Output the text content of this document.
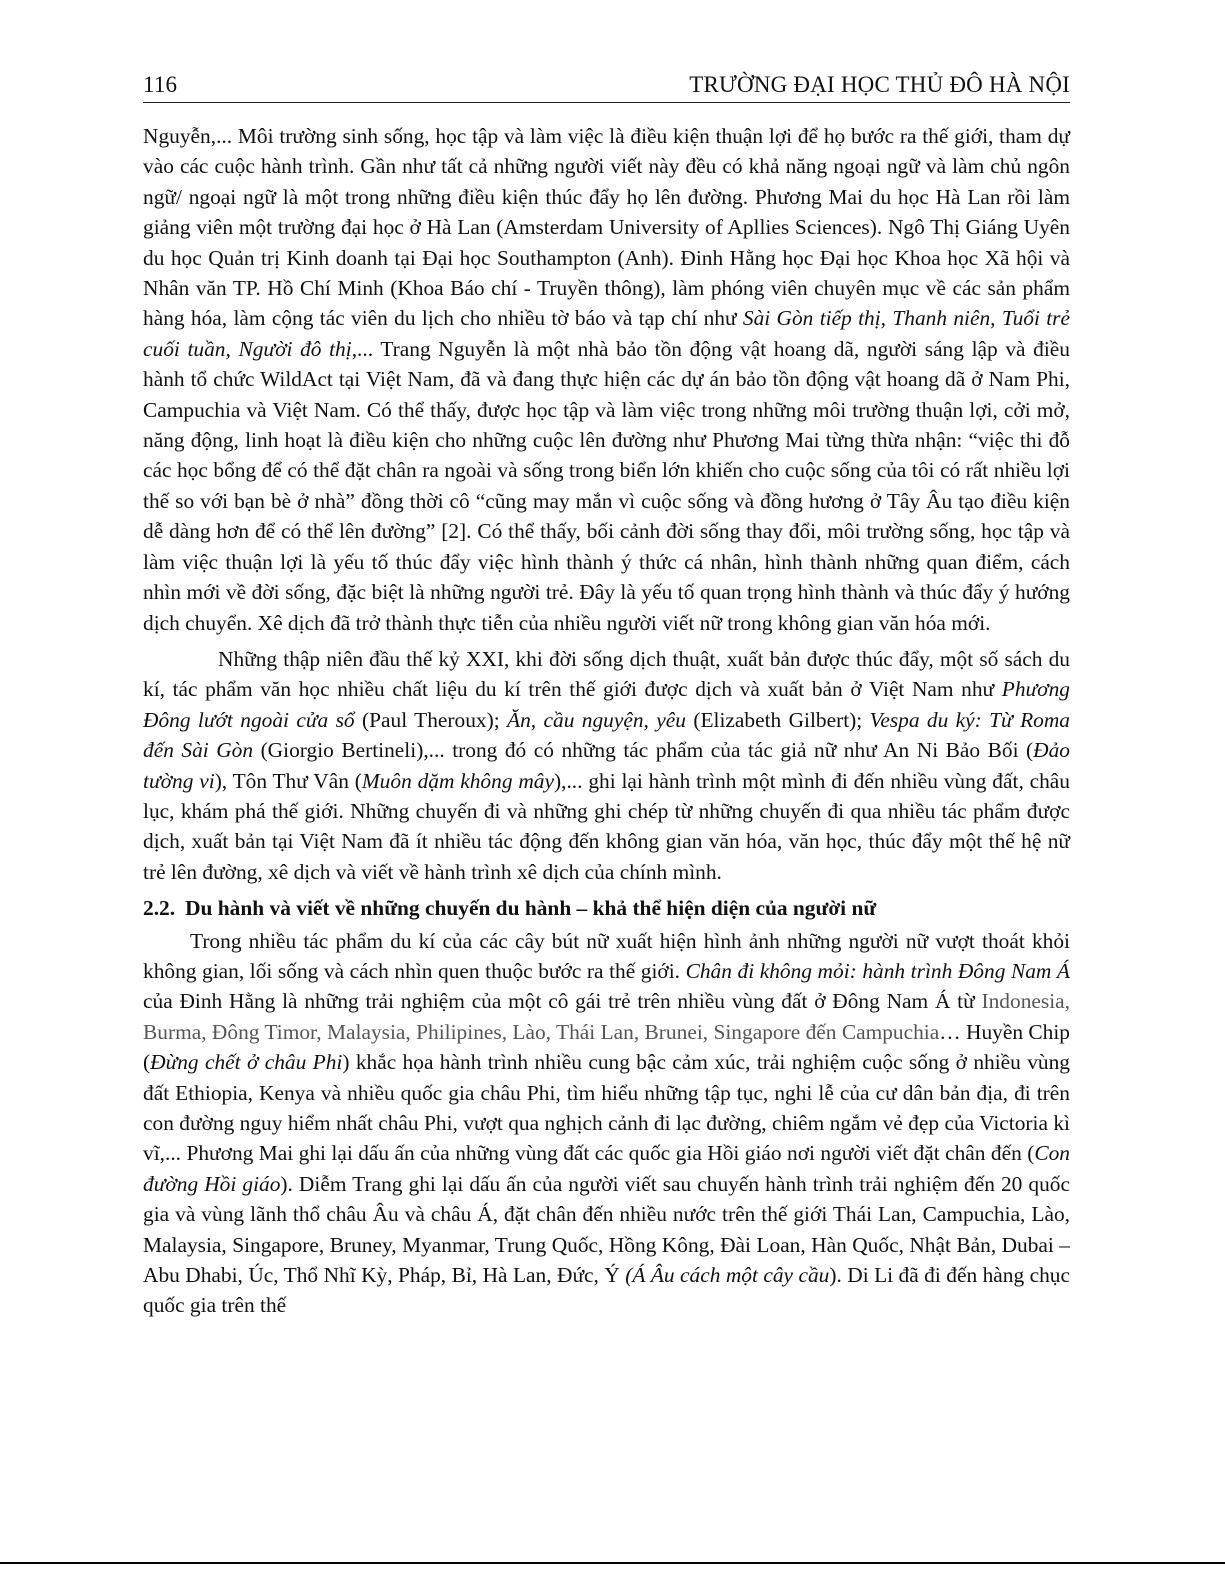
116	TRƯỜNG ĐẠI HỌC THỦ ĐÔ HÀ NỘI

Nguyễn,... Môi trường sinh sống, học tập và làm việc là điều kiện thuận lợi để họ bước ra thế giới, tham dự vào các cuộc hành trình. Gần như tất cả những người viết này đều có khả năng ngoại ngữ và làm chủ ngôn ngữ/ ngoại ngữ là một trong những điều kiện thúc đẩy họ lên đường. Phương Mai du học Hà Lan rồi làm giảng viên một trường đại học ở Hà Lan (Amsterdam University of Apllies Sciences). Ngô Thị Giáng Uyên du học Quản trị Kinh doanh tại Đại học Southampton (Anh). Đinh Hằng học Đại học Khoa học Xã hội và Nhân văn TP. Hồ Chí Minh (Khoa Báo chí - Truyền thông), làm phóng viên chuyên mục về các sản phẩm hàng hóa, làm cộng tác viên du lịch cho nhiều tờ báo và tạp chí như Sài Gòn tiếp thị, Thanh niên, Tuổi trẻ cuối tuần, Người đô thị,... Trang Nguyễn là một nhà bảo tồn động vật hoang dã, người sáng lập và điều hành tổ chức WildAct tại Việt Nam, đã và đang thực hiện các dự án bảo tồn động vật hoang dã ở Nam Phi, Campuchia và Việt Nam. Có thể thấy, được học tập và làm việc trong những môi trường thuận lợi, cởi mở, năng động, linh hoạt là điều kiện cho những cuộc lên đường như Phương Mai từng thừa nhận: “việc thi đỗ các học bổng để có thể đặt chân ra ngoài và sống trong biển lớn khiến cho cuộc sống của tôi có rất nhiều lợi thế so với bạn bè ở nhà” đồng thời cô “cũng may mắn vì cuộc sống và đồng hương ở Tây Âu tạo điều kiện dễ dàng hơn để có thể lên đường” [2]. Có thể thấy, bối cảnh đời sống thay đổi, môi trường sống, học tập và làm việc thuận lợi là yếu tố thúc đẩy việc hình thành ý thức cá nhân, hình thành những quan điểm, cách nhìn mới về đời sống, đặc biệt là những người trẻ. Đây là yếu tố quan trọng hình thành và thúc đẩy ý hướng dịch chuyển. Xê dịch đã trở thành thực tiễn của nhiều người viết nữ trong không gian văn hóa mới.

Những thập niên đầu thế kỷ XXI, khi đời sống dịch thuật, xuất bản được thúc đẩy, một số sách du kí, tác phẩm văn học nhiều chất liệu du kí trên thế giới được dịch và xuất bản ở Việt Nam như Phương Đông lướt ngoài cửa sổ (Paul Theroux); Ăn, cầu nguyện, yêu (Elizabeth Gilbert); Vespa du ký: Từ Roma đến Sài Gòn (Giorgio Bertineli),... trong đó có những tác phẩm của tác giả nữ như An Ni Bảo Bối (Đảo tường vi), Tôn Thư Vân (Muôn dặm không mây),... ghi lại hành trình một mình đi đến nhiều vùng đất, châu lục, khám phá thế giới. Những chuyến đi và những ghi chép từ những chuyến đi qua nhiều tác phẩm được dịch, xuất bản tại Việt Nam đã ít nhiều tác động đến không gian văn hóa, văn học, thúc đẩy một thế hệ nữ trẻ lên đường, xê dịch và viết về hành trình xê dịch của chính mình.

2.2. Du hành và viết về những chuyến du hành – khả thể hiện diện của người nữ

Trong nhiều tác phẩm du kí của các cây bút nữ xuất hiện hình ảnh những người nữ vượt thoát khỏi không gian, lối sống và cách nhìn quen thuộc bước ra thế giới. Chân đi không mỏi: hành trình Đông Nam Á của Đinh Hằng là những trải nghiệm của một cô gái trẻ trên nhiều vùng đất ở Đông Nam Á từ Indonesia, Burma, Đông Timor, Malaysia, Philipines, Lào, Thái Lan, Brunei, Singapore đến Campuchia… Huyền Chip (Đừng chết ở châu Phi) khắc họa hành trình nhiều cung bậc cảm xúc, trải nghiệm cuộc sống ở nhiều vùng đất Ethiopia, Kenya và nhiều quốc gia châu Phi, tìm hiểu những tập tục, nghi lễ của cư dân bản địa, đi trên con đường nguy hiểm nhất châu Phi, vượt qua nghịch cảnh đi lạc đường, chiêm ngắm vẻ đẹp của Victoria kì vĩ,... Phương Mai ghi lại dấu ấn của những vùng đất các quốc gia Hồi giáo nơi người viết đặt chân đến (Con đường Hồi giáo). Diễm Trang ghi lại dấu ấn của người viết sau chuyến hành trình trải nghiệm đến 20 quốc gia và vùng lãnh thổ châu Âu và châu Á, đặt chân đến nhiều nước trên thế giới Thái Lan, Campuchia, Lào, Malaysia, Singapore, Bruney, Myanmar, Trung Quốc, Hồng Kông, Đài Loan, Hàn Quốc, Nhật Bản, Dubai – Abu Dhabi, Úc, Thổ Nhĩ Kỳ, Pháp, Bỉ, Hà Lan, Đức, Ý (Á Âu cách một cây cầu). Di Li đã đi đến hàng chục quốc gia trên thế
